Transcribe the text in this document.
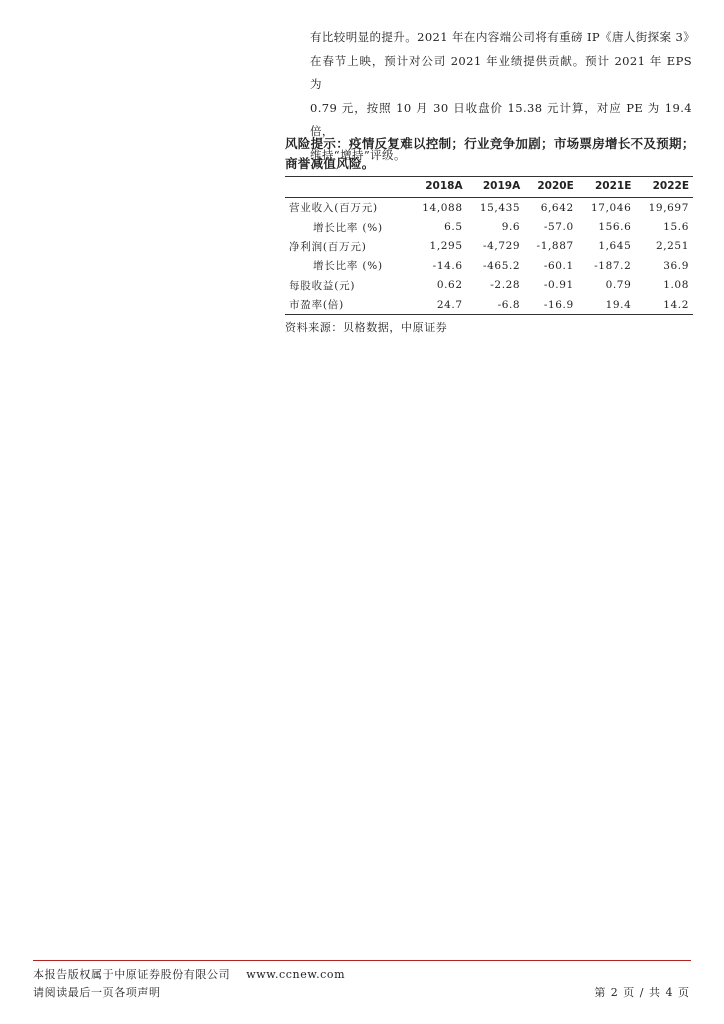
有比较明显的提升。2021 年在内容端公司将有重磅 IP《唐人街探案 3》

在春节上映，预计对公司 2021 年业绩提供贡献。预计 2021 年 EPS 为

0.79 元，按照 10 月 30 日收盘价 15.38 元计算，对应 PE 为 19.4 倍，

维持“增持”评级。

风险提示：疫情反复难以控制；行业竞争加剧；市场票房增长不及预期；商誉减值风险。
	2018A	2019A	2020E	2021E	2022E
营业收入(百万元)	14,088	15,435	6,642	17,046	19,697
增长比率 (%)	6.5	9.6	-57.0	156.6	15.6
净利润(百万元)	1,295	-4,729	-1,887	1,645	2,251
增长比率 (%)	-14.6	-465.2	-60.1	-187.2	36.9
每股收益(元)	0.62	-2.28	-0.91	0.79	1.08
市盈率(倍)	24.7	-6.8	-16.9	19.4	14.2
资料来源：贝格数据，中原证券
本报告版权属于中原证券股份有限公司 www.ccnew.com
请阅读最后一页各项声明	第 2 页 / 共 4 页
